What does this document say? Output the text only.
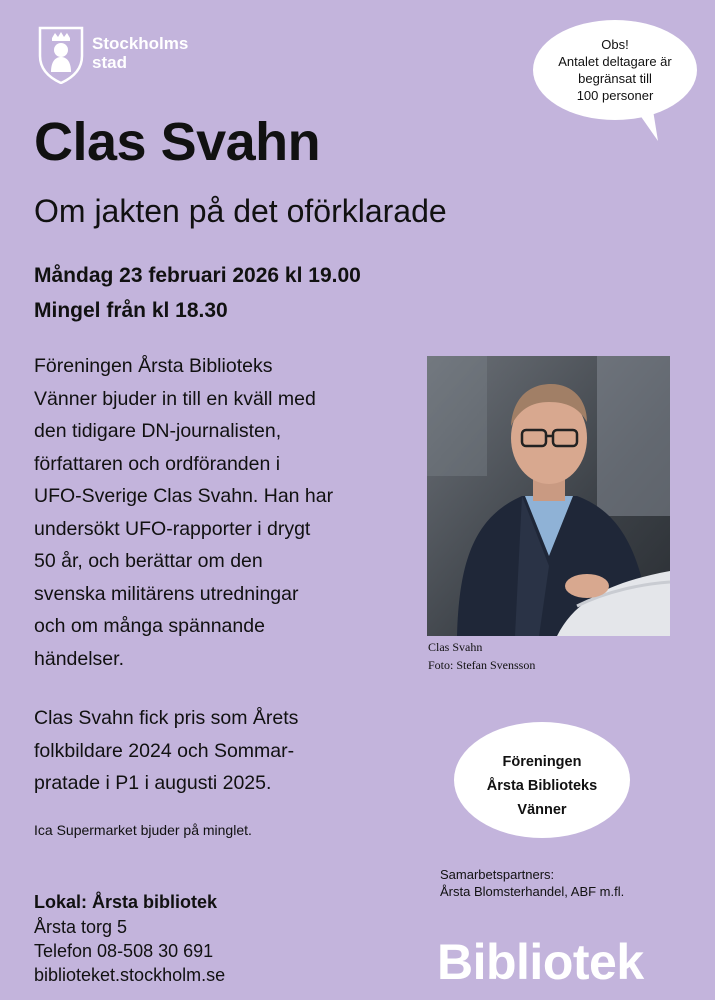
Stockholms
stad
Obs!
Antalet deltagare är
begränsat till
100 personer
Clas Svahn
Om jakten på det oförklarade
Måndag 23 februari 2026 kl 19.00
Mingel från kl 18.30
Föreningen Årsta Biblioteks
Vänner bjuder in till en kväll med
den tidigare DN-journalisten,
författaren och ordföranden i
UFO-Sverige Clas Svahn. Han har
undersökt UFO-rapporter i drygt
50 år, och berättar om den
svenska militärens utredningar
och om många spännande
händelser.
Clas Svahn fick pris som Årets
folkbildare 2024 och Sommar-
pratade i P1 i augusti 2025.
Ica Supermarket bjuder på minglet.
Clas Svahn
Foto: Stefan Svensson
Föreningen
Årsta Biblioteks
Vänner
Samarbetspartners:
Årsta Blomsterhandel, ABF m.fl.
Lokal: Årsta bibliotek
Årsta torg 5
Telefon 08-508 30 691
biblioteket.stockholm.se	Bibliotek
